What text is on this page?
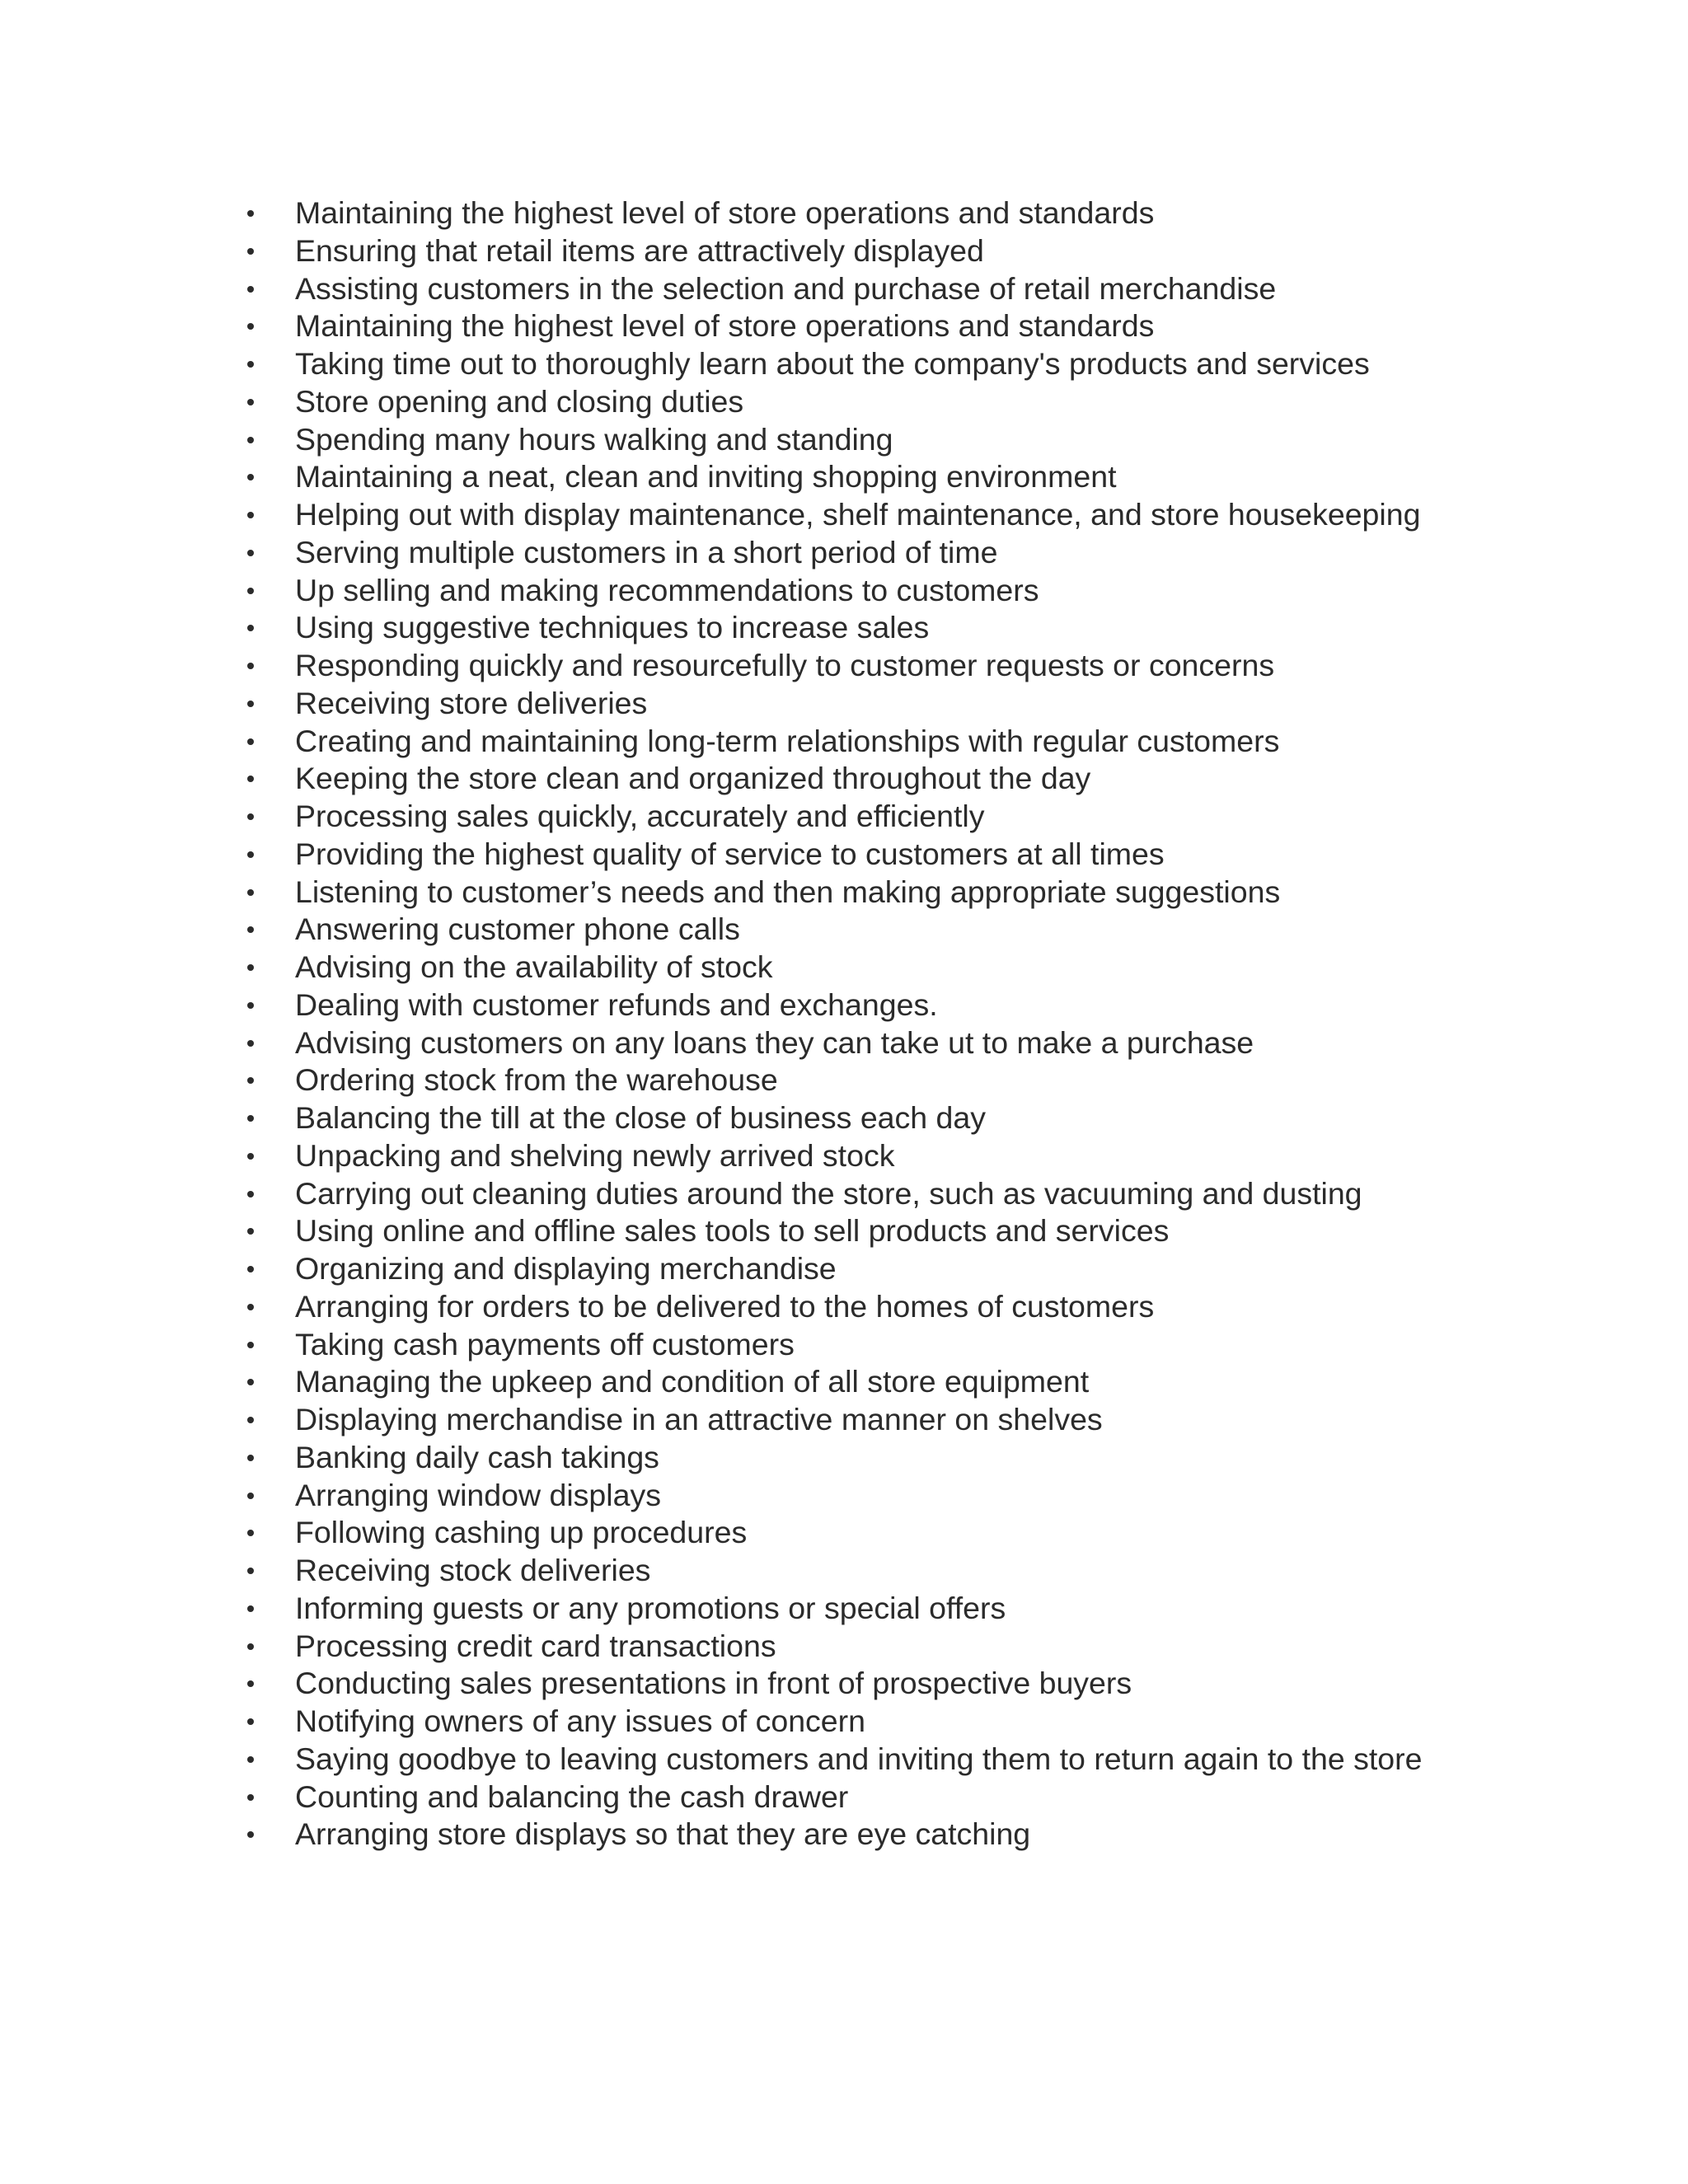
Maintaining the highest level of store operations and standards
Ensuring that retail items are attractively displayed
Assisting customers in the selection and purchase of retail merchandise
Maintaining the highest level of store operations and standards
Taking time out to thoroughly learn about the company's products and services
Store opening and closing duties
Spending many hours walking and standing
Maintaining a neat, clean and inviting shopping environment
Helping out with display maintenance, shelf maintenance, and store housekeeping
Serving multiple customers in a short period of time
Up selling and making recommendations to customers
Using suggestive techniques to increase sales
Responding quickly and resourcefully to customer requests or concerns
Receiving store deliveries
Creating and maintaining long-term relationships with regular customers
Keeping the store clean and organized throughout the day
Processing sales quickly, accurately and efficiently
Providing the highest quality of service to customers at all times
Listening to customer’s needs and then making appropriate suggestions
Answering customer phone calls
Advising on the availability of stock
Dealing with customer refunds and exchanges.
Advising customers on any loans they can take ut to make a purchase
Ordering stock from the warehouse
Balancing the till at the close of business each day
Unpacking and shelving newly arrived stock
Carrying out cleaning duties around the store, such as vacuuming and dusting
Using online and offline sales tools to sell products and services
Organizing and displaying merchandise
Arranging for orders to be delivered to the homes of customers
Taking cash payments off customers
Managing the upkeep and condition of all store equipment
Displaying merchandise in an attractive manner on shelves
Banking daily cash takings
Arranging window displays
Following cashing up procedures
Receiving stock deliveries
Informing guests or any promotions or special offers
Processing credit card transactions
Conducting sales presentations in front of prospective buyers
Notifying owners of any issues of concern
Saying goodbye to leaving customers and inviting them to return again to the store
Counting and balancing the cash drawer
Arranging store displays so that they are eye catching
